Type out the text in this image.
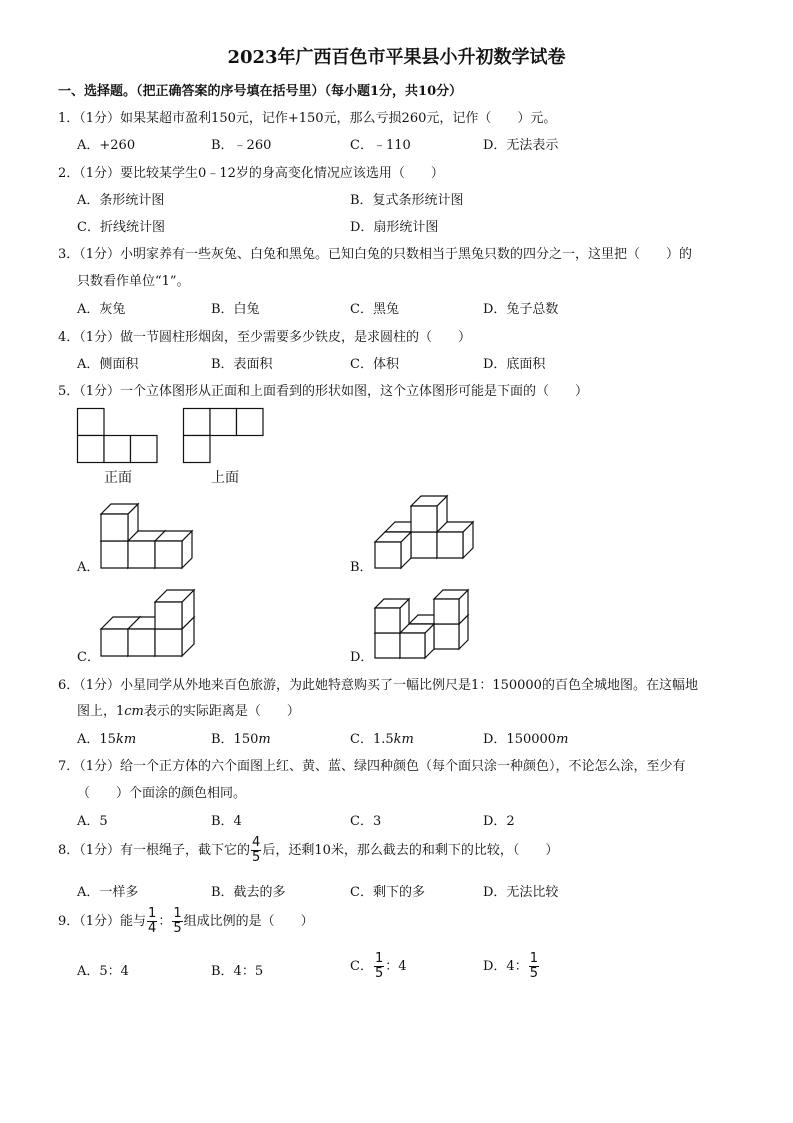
2023年广西百色市平果县小升初数学试卷
一、选择题。（把正确答案的序号填在括号里）（每小题1分，共10分）
1．（1分）如果某超市盈利150元，记作+150元，那么亏损260元，记作（　　）元。
A．+260	B．﹣260	C．﹣110	D．无法表示
2．（1分）要比较某学生0﹣12岁的身高变化情况应该选用（　　）
A．条形统计图	B．复式条形统计图
C．折线统计图	D．扇形统计图
3．（1分）小明家养有一些灰兔、白兔和黑兔。已知白兔的只数相当于黑兔只数的四分之一，这里把（　　）的
只数看作单位“1”。
A．灰兔	B．白兔	C．黑兔	D．兔子总数
4．（1分）做一节圆柱形烟囱，至少需要多少铁皮，是求圆柱的（　　）
A．侧面积	B．表面积	C．体积	D．底面积
5．（1分）一个立体图形从正面和上面看到的形状如图，这个立体图形可能是下面的（　　）
正面	上面
A．	B．
C．	D．
6．（1分）小星同学从外地来百色旅游，为此她特意购买了一幅比例尺是1：150000的百色全城地图。在这幅地
图上，1cm表示的实际距离是（　　）
A．15km	B．150m	C．1.5km	D．150000m
7．（1分）给一个正方体的六个面图上红、黄、蓝、绿四种颜色（每个面只涂一种颜色），不论怎么涂，至少有
（　　）个面涂的颜色相同。
A．5	B．4	C．3	D．2
8．（1分）有一根绳子，截下它的 $\frac{4}{5}$ 后，还剩10米，那么截去的和剩下的比较，（　　）
A．一样多	B．截去的多	C．剩下的多	D．无法比较
9．（1分）能与 $\frac{1}{4}$ ： $\frac{1}{5}$ 组成比例的是（　　）
A．5：4	B．4：5	C． $\frac{1}{5}$ ：4	D．4： $\frac{1}{5}$
